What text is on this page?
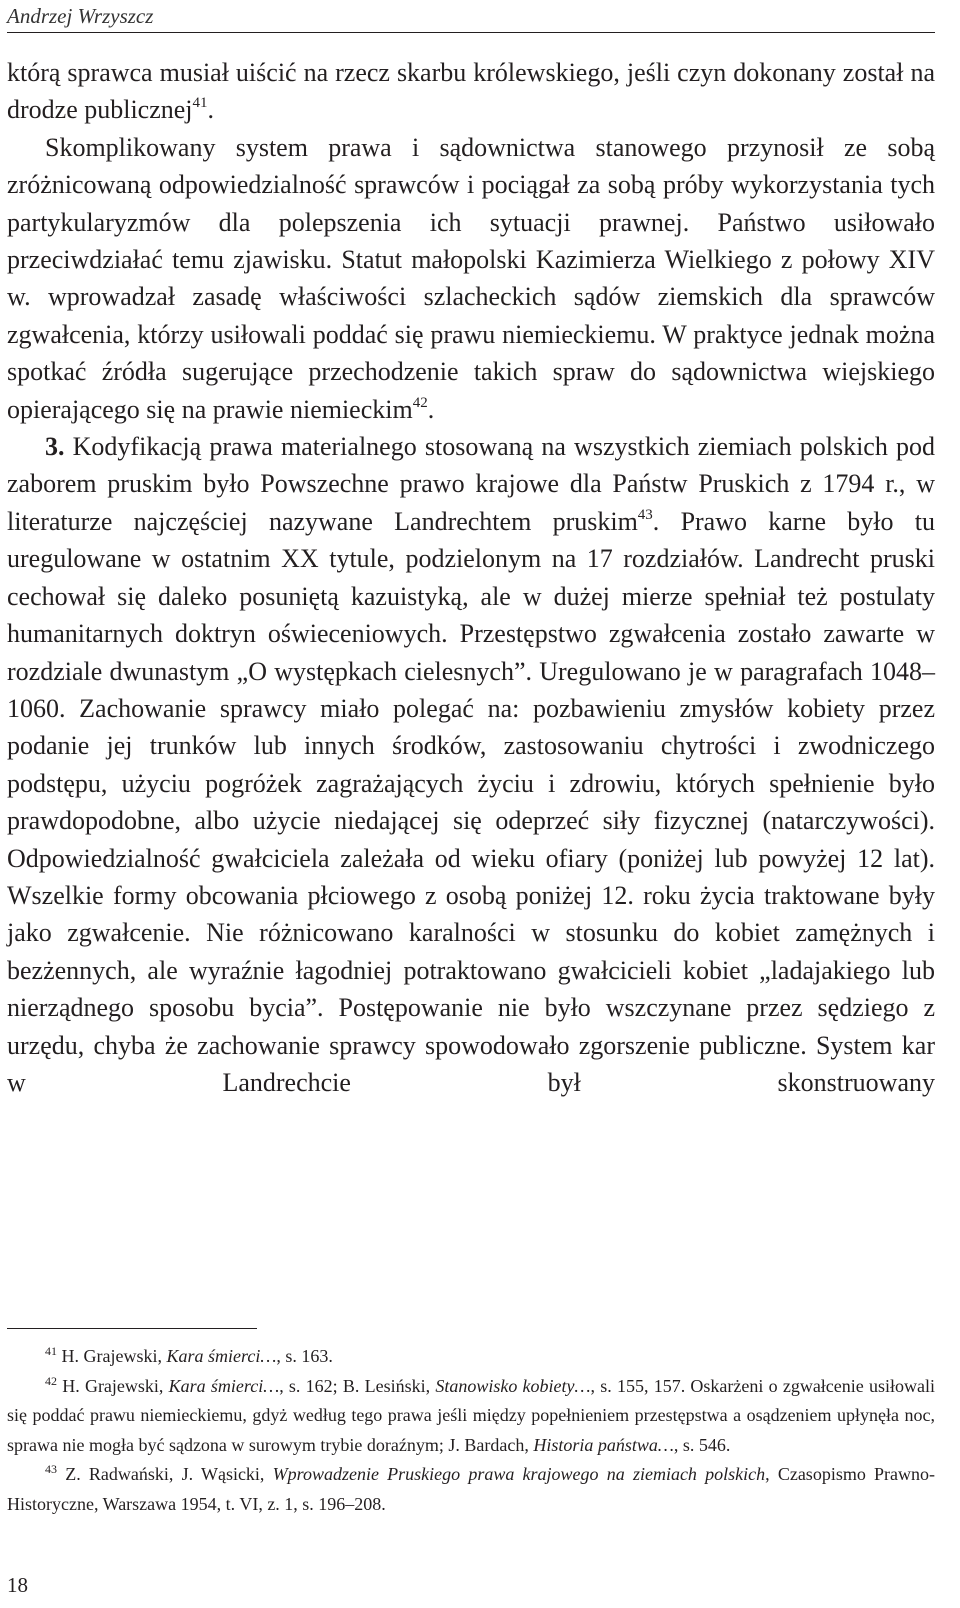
Andrzej Wrzyszcz

którą sprawca musiał uiścić na rzecz skarbu królewskiego, jeśli czyn dokonany został na drodze publicznej$^{41}$.

Skomplikowany system prawa i sądownictwa stanowego przynosił ze sobą zróżnicowaną odpowiedzialność sprawców i pociągał za sobą próby wykorzystania tych partykularyzmów dla polepszenia ich sytuacji prawnej. Państwo usiłowało przeciwdziałać temu zjawisku. Statut małopolski Kazimierza Wielkiego z połowy XIV w. wprowadzał zasadę właściwości szlacheckich sądów ziemskich dla sprawców zgwałcenia, którzy usiłowali poddać się prawu niemieckiemu. W praktyce jednak można spotkać źródła sugerujące przechodzenie takich spraw do sądownictwa wiejskiego opierającego się na prawie niemieckim$^{42}$.

3. Kodyfikacją prawa materialnego stosowaną na wszystkich ziemiach polskich pod zaborem pruskim było Powszechne prawo krajowe dla Państw Pruskich z 1794 r., w literaturze najczęściej nazywane Landrechtem pruskim$^{43}$. Prawo karne było tu uregulowane w ostatnim XX tytule, podzielonym na 17 rozdziałów. Landrecht pruski cechował się daleko posuniętą kazuistyką, ale w dużej mierze spełniał też postulaty humanitarnych doktryn oświeceniowych. Przestępstwo zgwałcenia zostało zawarte w rozdziale dwunastym „O występkach cielesnych”. Uregulowano je w paragrafach 1048–1060. Zachowanie sprawcy miało polegać na: pozbawieniu zmysłów kobiety przez podanie jej trunków lub innych środków, zastosowaniu chytrości i zwodniczego podstępu, użyciu pogróżek zagrażających życiu i zdrowiu, których spełnienie było prawdopodobne, albo użycie niedającej się odeprzeć siły fizycznej (natarczywości). Odpowiedzialność gwałciciela zależała od wieku ofiary (poniżej lub powyżej 12 lat). Wszelkie formy obcowania płciowego z osobą poniżej 12. roku życia traktowane były jako zgwałcenie. Nie różnicowano karalności w stosunku do kobiet zamężnych i bezżennych, ale wyraźnie łagodniej potraktowano gwałcicieli kobiet „ladajakiego lub nierządnego sposobu bycia”. Postępowanie nie było wszczynane przez sędziego z urzędu, chyba że zachowanie sprawcy spowodowało zgorszenie publiczne. System kar w Landrechcie był skonstruowany

$^{41}$ H. Grajewski, Kara śmierci…, s. 163.

$^{42}$ H. Grajewski, Kara śmierci…, s. 162; B. Lesiński, Stanowisko kobiety…, s. 155, 157. Oskarżeni o zgwałcenie usiłowali się poddać prawu niemieckiemu, gdyż według tego prawa jeśli między popełnieniem przestępstwa a osądzeniem upłynęła noc, sprawa nie mogła być sądzona w surowym trybie doraźnym; J. Bardach, Historia państwa…, s. 546.

$^{43}$ Z. Radwański, J. Wąsicki, Wprowadzenie Pruskiego prawa krajowego na ziemiach polskich, Czasopismo Prawno-Historyczne, Warszawa 1954, t. VI, z. 1, s. 196–208.

18
